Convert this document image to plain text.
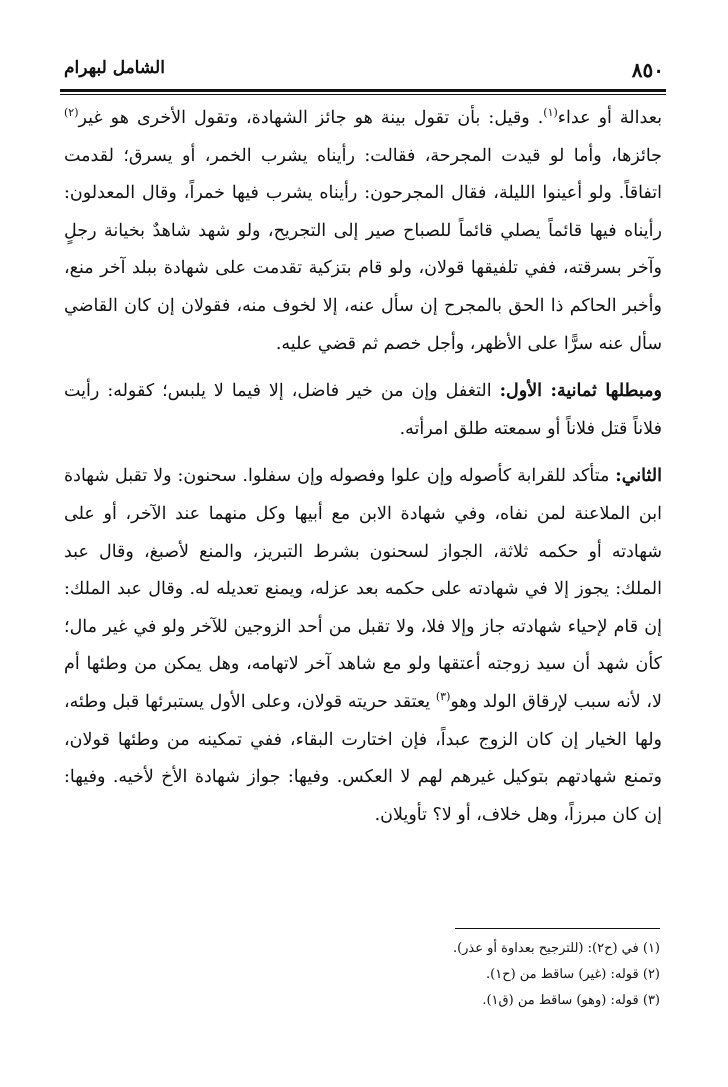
٨٥٠
الشامل لبهرام

بعدالة أو عداء$^{(١)}$. وقيل: بأن تقول بينة هو جائز الشهادة، وتقول الأخرى هو غير$^{(٢)}$ جائزها، وأما لو قيدت المجرحة، فقالت: رأيناه يشرب الخمر، أو يسرق؛ لقدمت اتفاقاً. ولو أعينوا الليلة، فقال المجرحون: رأيناه يشرب فيها خمراً، وقال المعدلون: رأيناه فيها قائماً يصلي قائماً للصباح صير إلى التجريح، ولو شهد شاهدٌ بخيانة رجلٍ وآخر بسرقته، ففي تلفيقها قولان، ولو قام بتزكية تقدمت على شهادة ببلد آخر منع، وأخبر الحاكم ذا الحق بالمجرح إن سأل عنه، إلا لخوف منه، فقولان إن كان القاضي سأل عنه سرًّا على الأظهر، وأجل خصم ثم قضي عليه.

ومبطلها ثمانية: الأول: التغفل وإن من خير فاضل، إلا فيما لا يلبس؛ كقوله: رأيت فلاناً قتل فلاناً أو سمعته طلق امرأته.

الثاني: متأكد للقرابة كأصوله وإن علوا وفصوله وإن سفلوا. سحنون: ولا تقبل شهادة ابن الملاعنة لمن نفاه، وفي شهادة الابن مع أبيها وكل منهما عند الآخر، أو على شهادته أو حكمه ثلاثة، الجواز لسحنون بشرط التبريز، والمنع لأصبغ، وقال عبد الملك: يجوز إلا في شهادته على حكمه بعد عزله، ويمنع تعديله له. وقال عبد الملك: إن قام لإحياء شهادته جاز وإلا فلا، ولا تقبل من أحد الزوجين للآخر ولو في غير مال؛ كأن شهد أن سيد زوجته أعتقها ولو مع شاهد آخر لاتهامه، وهل يمكن من وطئها أم لا، لأنه سبب لإرقاق الولد وهو$^{(٣)}$ يعتقد حريته قولان، وعلى الأول يستبرئها قبل وطئه، ولها الخيار إن كان الزوج عبداً، فإن اختارت البقاء، ففي تمكينه من وطئها قولان، وتمنع شهادتهم بتوكيل غيرهم لهم لا العكس. وفيها: جواز شهادة الأخ لأخيه. وفيها: إن كان مبرزاً، وهل خلاف، أو لا؟ تأويلان.

(١) في (ح٢): (للترجيح بعداوة أو عذر).

(٢) قوله: (غير) ساقط من (ح١).

(٣) قوله: (وهو) ساقط من (ق١).
